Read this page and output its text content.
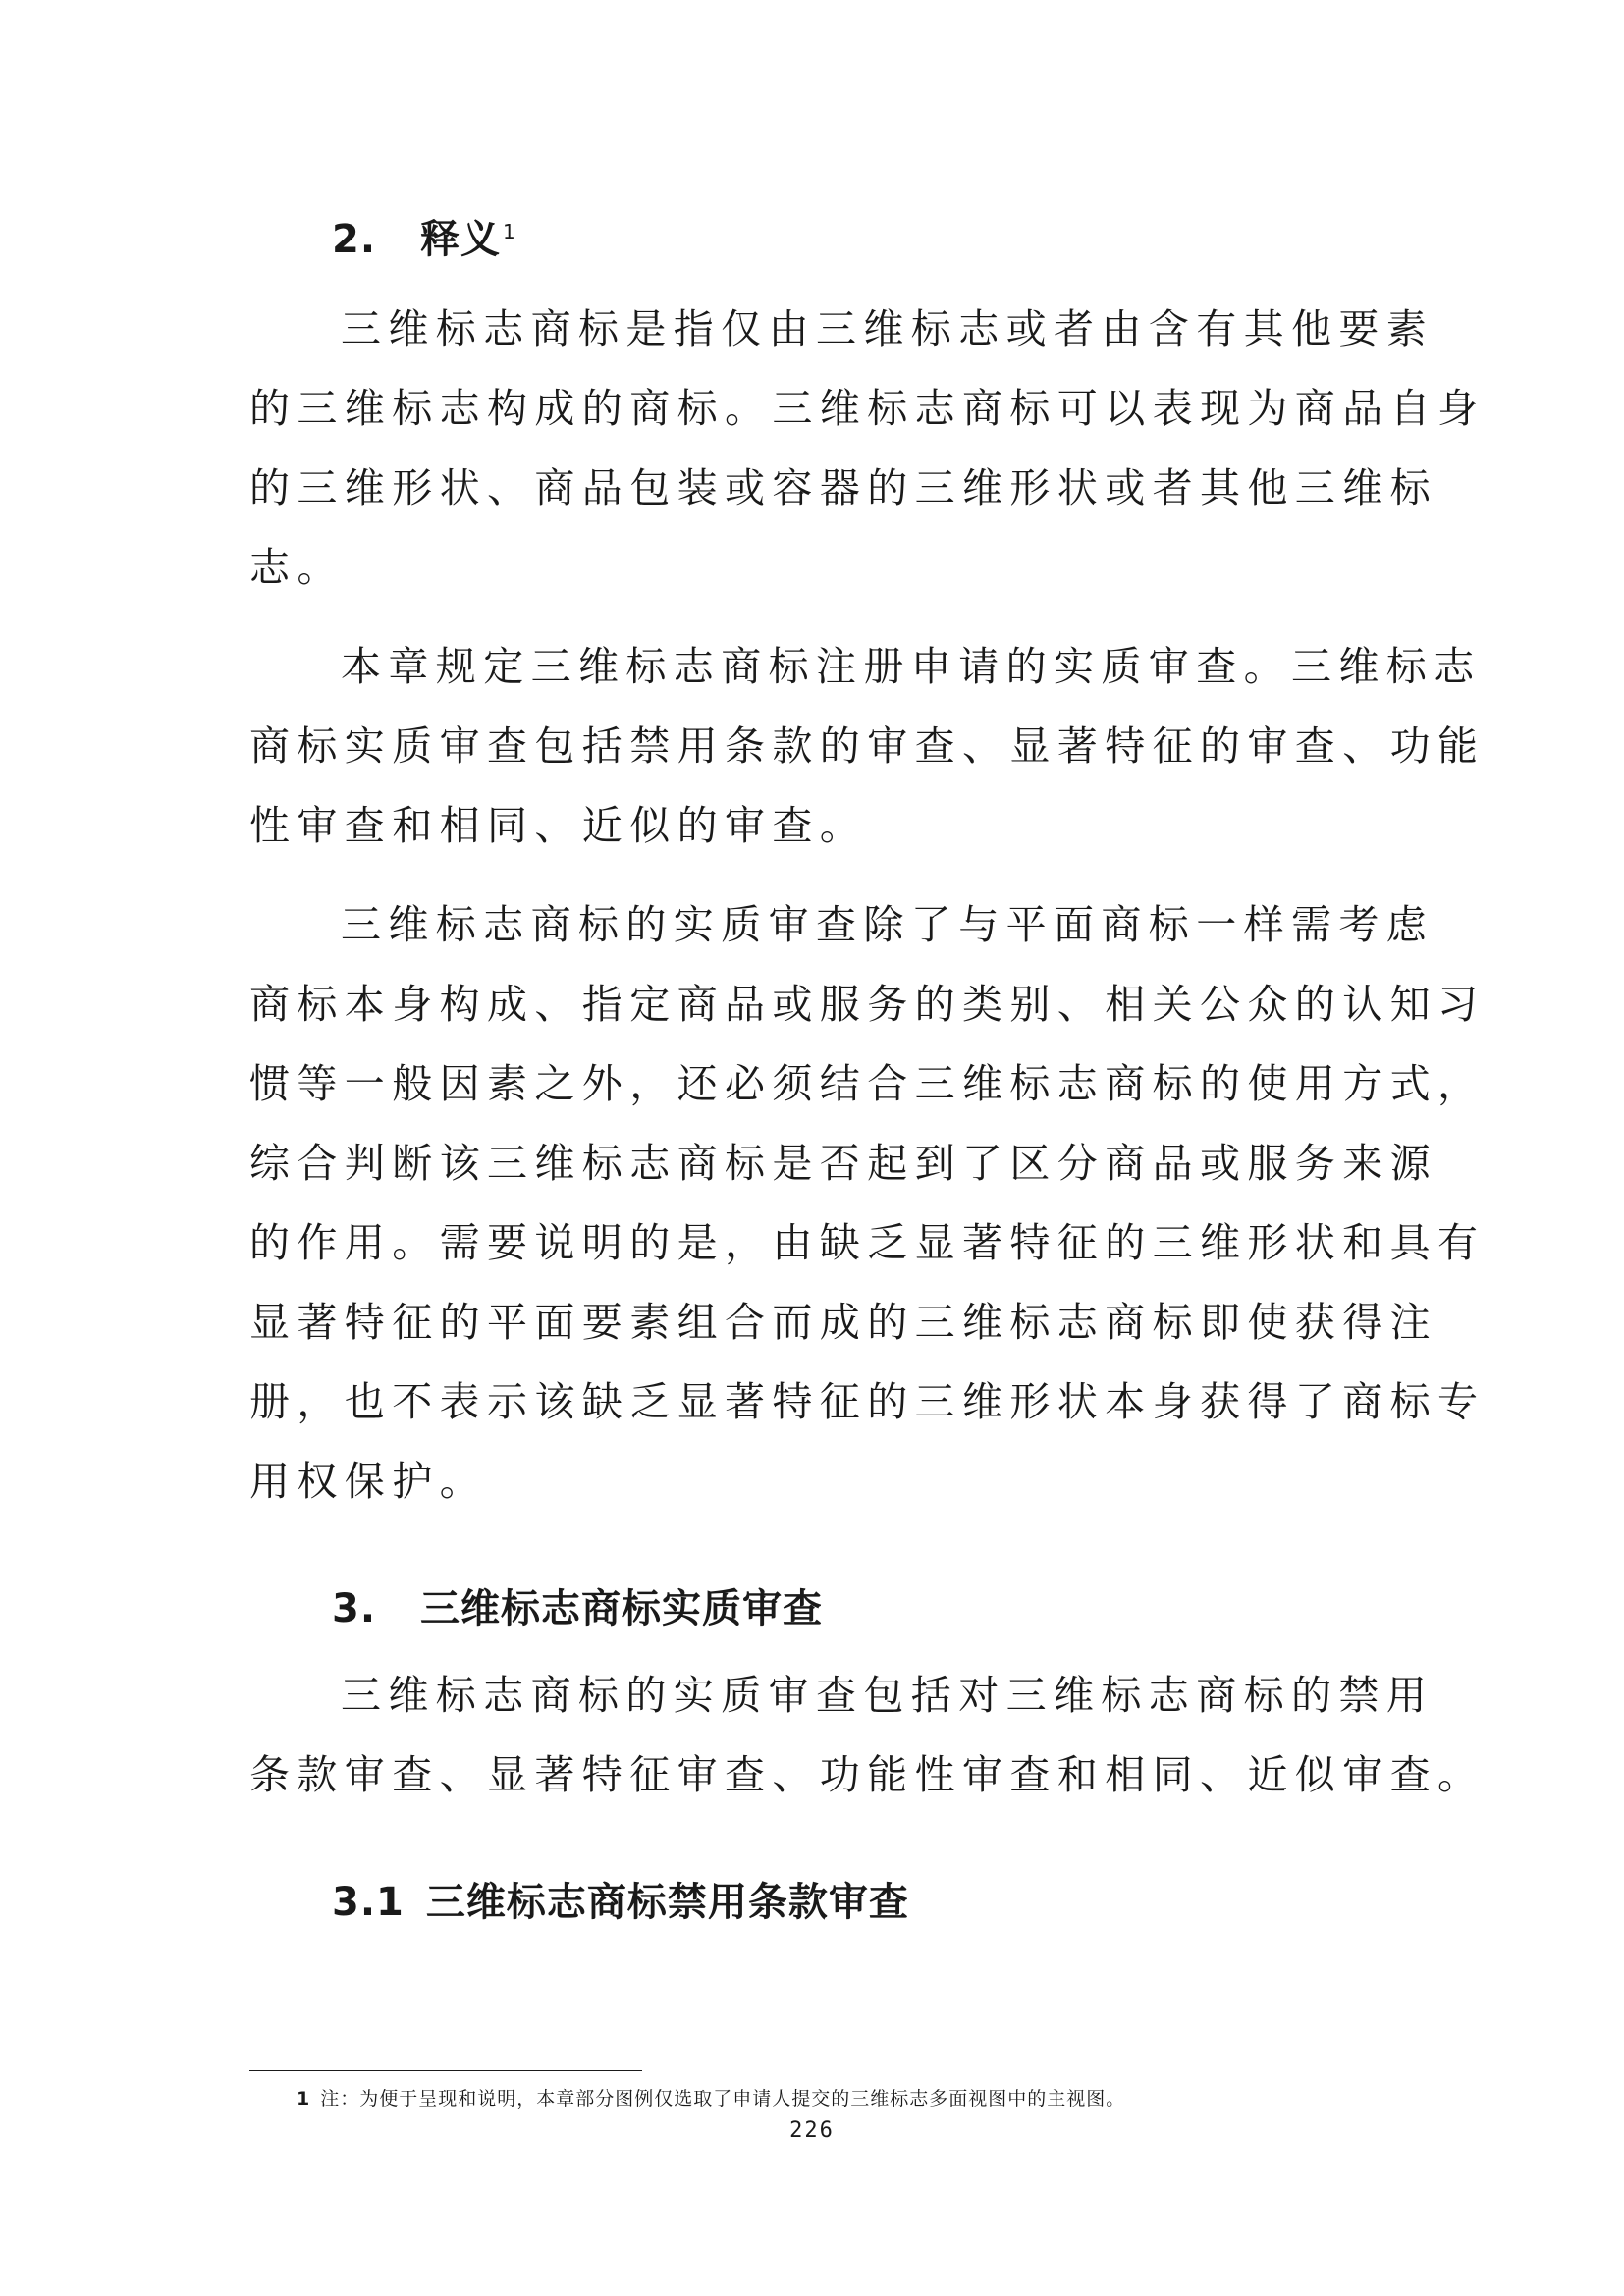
2. 释义 $^1$
三维标志商标是指仅由三维标志或者由含有其他要素
的三维标志构成的商标。三维标志商标可以表现为商品自身
的三维形状、商品包装或容器的三维形状或者其他三维标
志。
本章规定三维标志商标注册申请的实质审查。三维标志
商标实质审查包括禁用条款的审查、显著特征的审查、功能
性审查和相同、近似的审查。
三维标志商标的实质审查除了与平面商标一样需考虑
商标本身构成、指定商品或服务的类别、相关公众的认知习
惯等一般因素之外，还必须结合三维标志商标的使用方式，
综合判断该三维标志商标是否起到了区分商品或服务来源
的作用。需要说明的是，由缺乏显著特征的三维形状和具有
显著特征的平面要素组合而成的三维标志商标即使获得注
册，也不表示该缺乏显著特征的三维形状本身获得了商标专
用权保护。
3. 三维标志商标实质审查
三维标志商标的实质审查包括对三维标志商标的禁用
条款审查、显著特征审查、功能性审查和相同、近似审查。
3.1 三维标志商标禁用条款审查
1 注：为便于呈现和说明，本章部分图例仅选取了申请人提交的三维标志多面视图中的主视图。
226
